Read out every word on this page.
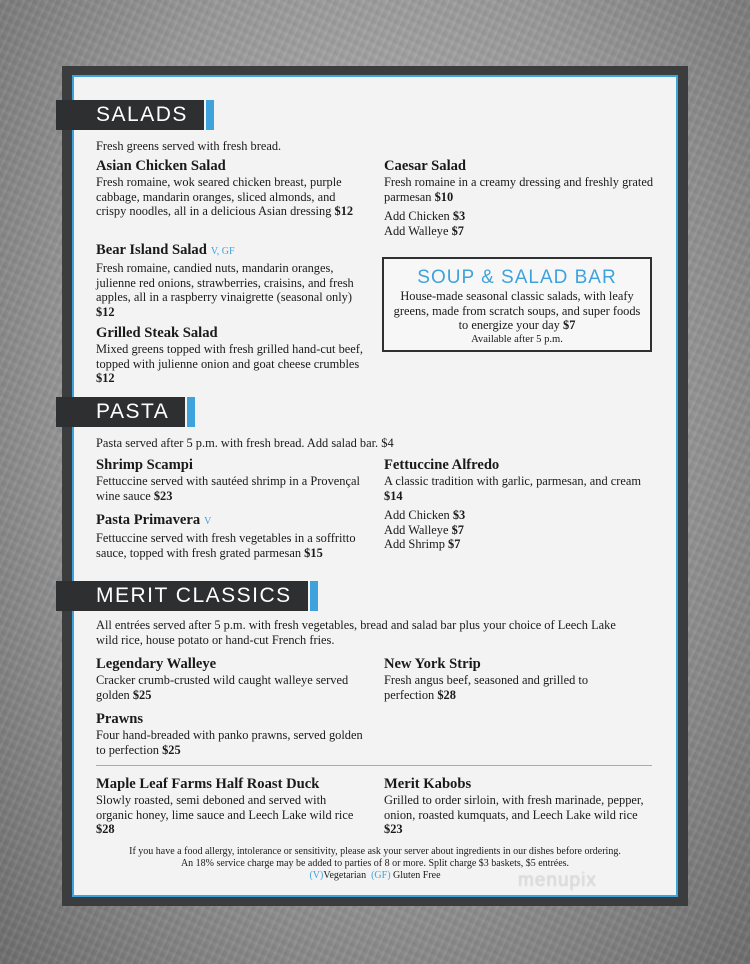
SALADS
Fresh greens served with fresh bread.
Asian Chicken Salad
Fresh romaine, wok seared chicken breast, purple cabbage, mandarin oranges, sliced almonds, and crispy noodles, all in a delicious Asian dressing $12
Bear Island Salad V, GF
Fresh romaine, candied nuts, mandarin oranges, julienne red onions, strawberries, craisins, and fresh apples, all in a raspberry vinaigrette (seasonal only) $12
Grilled Steak Salad
Mixed greens topped with fresh grilled hand-cut beef, topped with julienne onion and goat cheese crumbles $12
Caesar Salad
Fresh romaine in a creamy dressing and freshly grated parmesan $10
Add Chicken $3
Add Walleye $7
SOUP & SALAD BAR
House-made seasonal classic salads, with leafy greens, made from scratch soups, and super foods to energize your day $7
Available after 5 p.m.
PASTA
Pasta served after 5 p.m. with fresh bread. Add salad bar. $4
Shrimp Scampi
Fettuccine served with sautéed shrimp in a Provençal wine sauce $23
Pasta Primavera V
Fettuccine served with fresh vegetables in a soffritto sauce, topped with fresh grated parmesan $15
Fettuccine Alfredo
A classic tradition with garlic, parmesan, and cream $14
Add Chicken $3
Add Walleye $7
Add Shrimp $7
MERIT CLASSICS
All entrées served after 5 p.m. with fresh vegetables, bread and salad bar plus your choice of Leech Lake wild rice, house potato or hand-cut French fries.
Legendary Walleye
Cracker crumb-crusted wild caught walleye served golden $25
Prawns
Four hand-breaded with panko prawns, served golden to perfection $25
New York Strip
Fresh angus beef, seasoned and grilled to perfection $28
Maple Leaf Farms Half Roast Duck
Slowly roasted, semi deboned and served with organic honey, lime sauce and Leech Lake wild rice $28
Merit Kabobs
Grilled to order sirloin, with fresh marinade, pepper, onion, roasted kumquats, and Leech Lake wild rice $23
If you have a food allergy, intolerance or sensitivity, please ask your server about ingredients in our dishes before ordering.
An 18% service charge may be added to parties of 8 or more. Split charge $3 baskets, $5 entrées.
(V)Vegetarian (GF) Gluten Free	menupix
